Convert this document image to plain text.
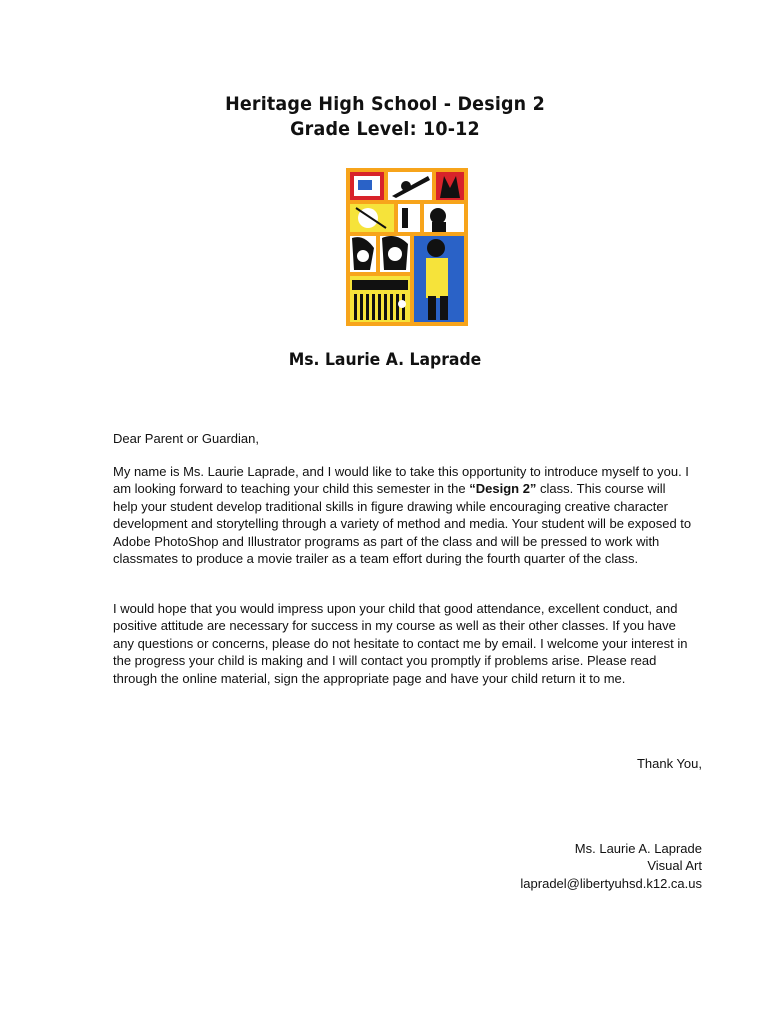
Heritage High School - Design 2
Grade Level: 10-12
Ms. Laurie A. Laprade
Dear Parent or Guardian,

My name is Ms. Laurie Laprade, and I would like to take this opportunity to introduce myself to you. I am looking forward to teaching your child this semester in the “Design 2” class. This course will help your student develop traditional skills in figure drawing while encouraging creative character development and storytelling through a variety of method and media. Your student will be exposed to Adobe PhotoShop and Illustrator programs as part of the class and will be pressed to work with classmates to produce a movie trailer as a team effort during the fourth quarter of the class.

I would hope that you would impress upon your child that good attendance, excellent conduct, and positive attitude are necessary for success in my course as well as their other classes. If you have any questions or concerns, please do not hesitate to contact me by email. I welcome your interest in the progress your child is making and I will contact you promptly if problems arise. Please read through the online material, sign the appropriate page and have your child return it to me.

Thank You,
Ms. Laurie A. Laprade
Visual Art
lapradel@libertyuhsd.k12.ca.us
